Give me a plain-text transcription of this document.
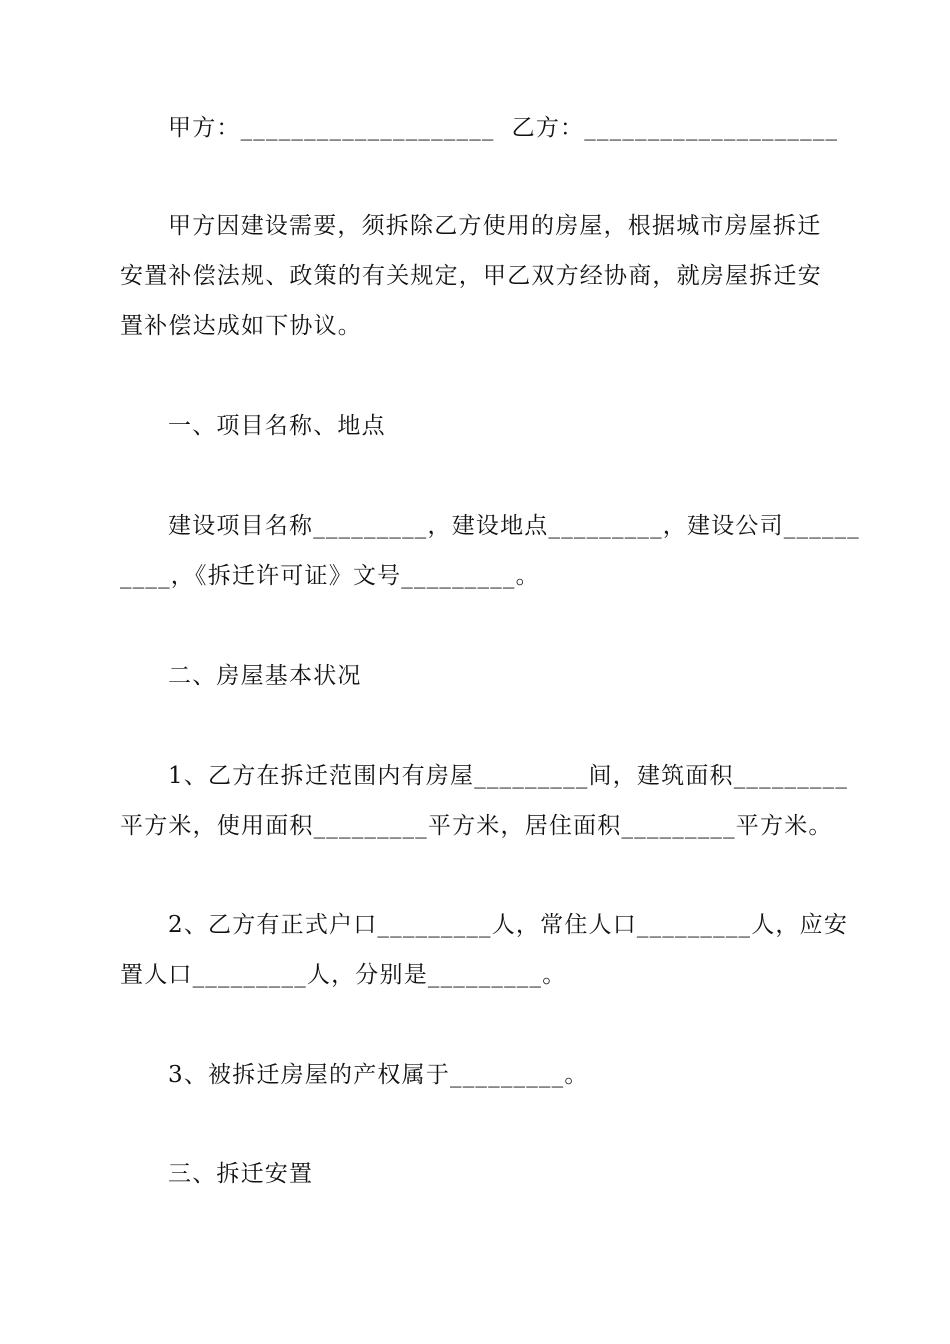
甲方：____________________  乙方：____________________
甲方因建设需要，须拆除乙方使用的房屋，根据城市房屋拆迁
安置补偿法规、政策的有关规定，甲乙双方经协商，就房屋拆迁安
置补偿达成如下协议。
一、项目名称、地点
建设项目名称_________，建设地点_________，建设公司______
____，《拆迁许可证》文号_________。
二、房屋基本状况
1、乙方在拆迁范围内有房屋_________间，建筑面积_________
平方米，使用面积_________平方米，居住面积_________平方米。
2、乙方有正式户口_________人，常住人口_________人，应安
置人口_________人，分别是_________。
3、被拆迁房屋的产权属于_________。
三、拆迁安置
